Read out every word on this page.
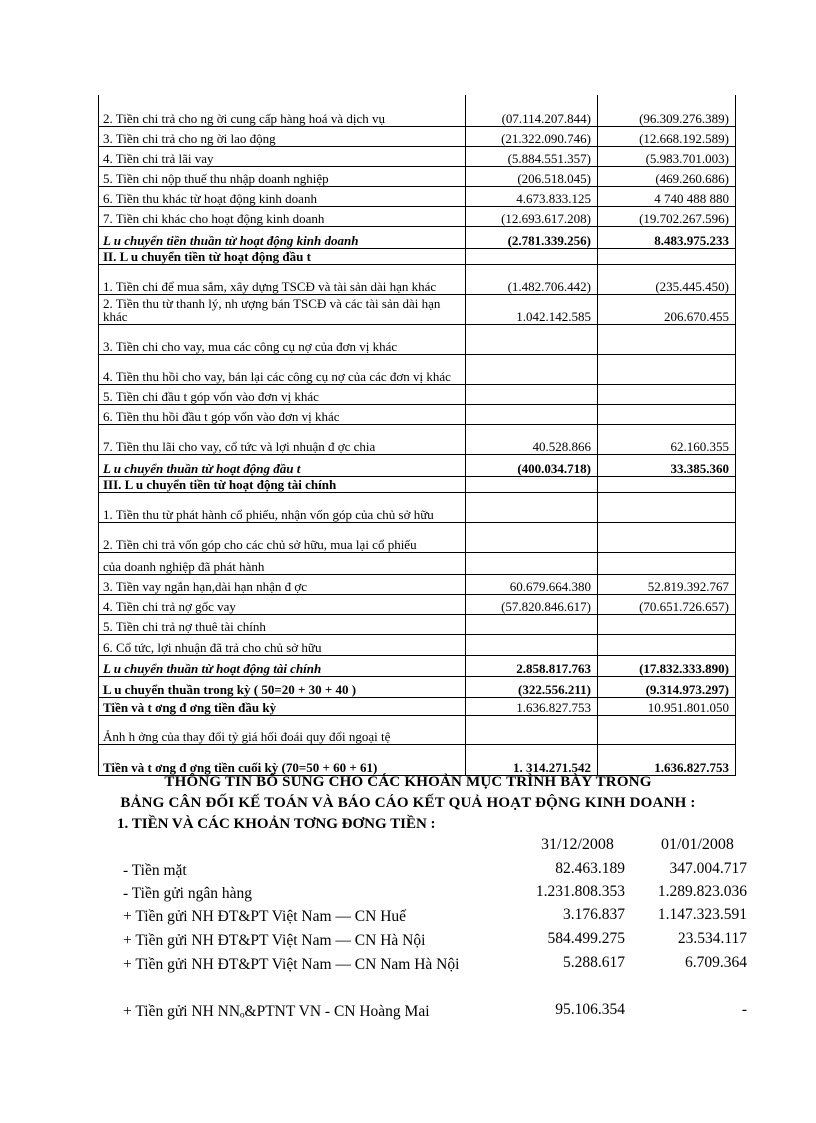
2. Tiền chi trả cho ng ời cung cấp hàng hoá và dịch vụ	(07.114.207.844)	(96.309.276.389)
3. Tiền chi trả cho ng ời lao động	(21.322.090.746)	(12.668.192.589)
4. Tiền chi trả lãi vay	(5.884.551.357)	(5.983.701.003)
5. Tiền chi nộp thuế thu nhập doanh nghiệp	(206.518.045)	(469.260.686)
6. Tiền thu khác từ hoạt động kinh doanh	4.673.833.125	4 740 488 880
7. Tiền chi khác cho hoạt động kinh doanh	(12.693.617.208)	(19.702.267.596)
L u chuyển tiền thuần từ hoạt động kinh doanh	(2.781.339.256)	8.483.975.233
II. L u chuyển tiền từ hoạt động đầu t		
1. Tiền chi để mua sắm, xây dựng TSCĐ và tài sản dài hạn khác	(1.482.706.442)	(235.445.450)
2. Tiền thu từ thanh lý, nh ượng bán TSCĐ và các tài sản dài hạn khác	1.042.142.585	206.670.455
3. Tiền chi cho vay, mua các công cụ nợ của đơn vị khác		
4. Tiền thu hồi cho vay, bán lại các công cụ nợ của các đơn vị khác		
5. Tiền chi đầu t góp vốn vào đơn vị khác		
6. Tiền thu hồi đầu t góp vốn vào đơn vị khác		
7. Tiền thu lãi cho vay, cổ tức và lợi nhuận đ ợc chia	40.528.866	62.160.355
L u chuyển thuần từ hoạt động đầu t	(400.034.718)	33.385.360
III. L u chuyển tiền từ hoạt động tài chính		
1. Tiền thu từ phát hành cổ phiếu, nhận vốn góp của chủ sở hữu		
2. Tiền chi trả vốn góp cho các chủ sở hữu, mua lại cổ phiếu		
của doanh nghiệp đã phát hành		
3. Tiền vay ngắn hạn,dài hạn nhận đ ợc	60.679.664.380	52.819.392.767
4. Tiền chi trả nợ gốc vay	(57.820.846.617)	(70.651.726.657)
5. Tiền chi trả nợ thuê tài chính		
6. Cổ tức, lợi nhuận đã trả cho chủ sở hữu		
L u chuyển thuần từ hoạt động tài chính	2.858.817.763	(17.832.333.890)
L u chuyển thuần trong kỳ ( 50=20 + 30 + 40 )	(322.556.211)	(9.314.973.297)
Tiền và t ơng đ ơng tiền đầu kỳ	1.636.827.753	10.951.801.050
Ảnh h ởng của thay đổi tỷ giá hối đoái quy đổi ngoại tệ		
Tiền và t ơng đ ơng tiền cuối kỳ (70=50 + 60 + 61)	1. 314.271.542	1.636.827.753
THÔNG TIN BỔ SUNG CHO CÁC KHOẢN MỤC TRÌNH BÀY TRONG
BẢNG CÂN ĐỐI KẾ TOÁN VÀ BÁO CÁO KẾT QUẢ HOẠT ĐỘNG KINH DOANH :
1. TIỀN VÀ CÁC KHOẢN TƠNG ĐƠNG TIỀN :
31/12/2008	01/01/2008
- Tiền mặt	82.463.189	347.004.717
- Tiền gửi ngân hàng	1.231.808.353 1.289.823.036
+ Tiền gửi NH ĐT&PT Việt Nam — CN Huế	3.176.837 1.147.323.591
+ Tiền gửi NH ĐT&PT Việt Nam — CN Hà Nội	584.499.275	23.534.117
+ Tiền gửi NH ĐT&PT Việt Nam — CN Nam Hà Nội	5.288.617	6.709.364
+ Tiền gửi NH NNₒ&PTNT VN - CN Hoàng Mai	95.106.354	-
